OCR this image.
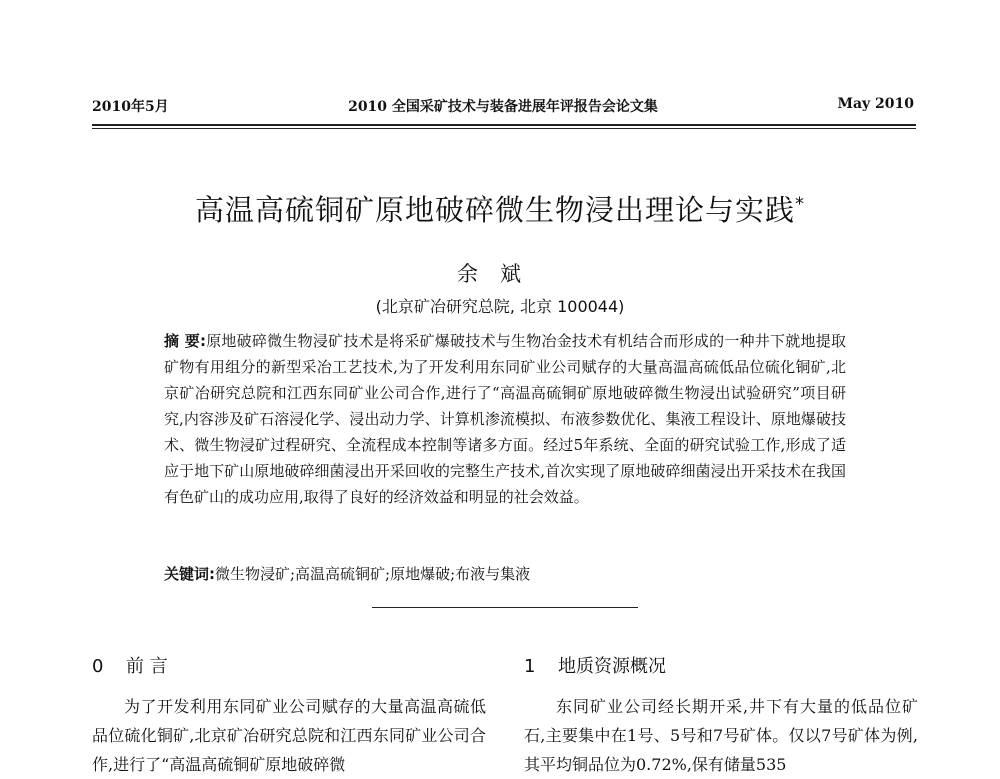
2010年5月	2010 全国采矿技术与装备进展年评报告会论文集	May 2010
高温高硫铜矿原地破碎微生物浸出理论与实践*
余斌
(北京矿冶研究总院, 北京 100044)
摘 要:原地破碎微生物浸矿技术是将采矿爆破技术与生物冶金技术有机结合而形成的一种井下就地提取矿物有用组分的新型采冶工艺技术,为了开发利用东同矿业公司赋存的大量高温高硫低品位硫化铜矿,北京矿冶研究总院和江西东同矿业公司合作,进行了“高温高硫铜矿原地破碎微生物浸出试验研究”项目研究,内容涉及矿石溶浸化学、浸出动力学、计算机渗流模拟、布液参数优化、集液工程设计、原地爆破技术、微生物浸矿过程研究、全流程成本控制等诸多方面。经过5年系统、全面的研究试验工作,形成了适应于地下矿山原地破碎细菌浸出开采回收的完整生产技术,首次实现了原地破碎细菌浸出开采技术在我国有色矿山的成功应用,取得了良好的经济效益和明显的社会效益。
关键词:微生物浸矿;高温高硫铜矿;原地爆破;布液与集液
0 前 言	1 地质资源概况
为了开发利用东同矿业公司赋存的大量高温高硫低品位硫化铜矿,北京矿冶研究总院和江西东同矿业公司合作,进行了“高温高硫铜矿原地破碎微
东同矿业公司经长期开采,井下有大量的低品位矿石,主要集中在1号、5号和7号矿体。仅以7号矿体为例,其平均铜品位为0.72%,保有储量535
